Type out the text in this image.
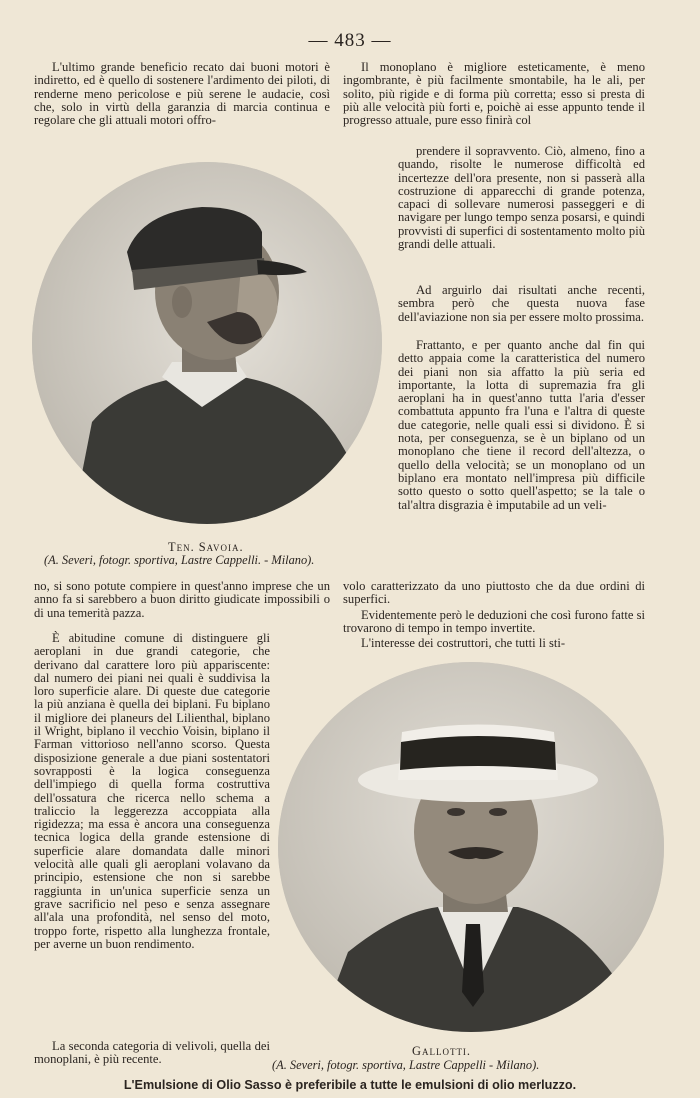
— 483 —
L'ultimo grande beneficio recato dai buoni motori è indiretto, ed è quello di sostenere l'ardimento dei piloti, di renderne meno pericolose e più serene le audacie, così che, solo in virtù della garanzia di marcia continua e regolare che gli attuali motori offro-
Il monoplano è migliore esteticamente, è meno ingombrante, è più facilmente smontabile, ha le ali, per solito, più rigide e di forma più corretta; esso si presta di più alle velocità più forti e, poichè ai esse appunto tende il progresso attuale, pure esso finirà col
prendere il sopravvento. Ciò, almeno, fino a quando, risolte le numerose difficoltà ed incertezze dell'ora presente, non si passerà alla costruzione di apparecchi di grande potenza, capaci di sollevare numerosi passeggeri e di navigare per lungo tempo senza posarsi, e quindi provvisti di superfici di sostentamento molto più grandi delle attuali.
Ad arguirlo dai risultati anche recenti, sembra però che questa nuova fase dell'aviazione non sia per essere molto prossima.
Frattanto, e per quanto anche dal fin qui detto appaia come la caratteristica del numero dei piani non sia affatto la più seria ed importante, la lotta di supremazia fra gli aeroplani ha in quest'anno tutta l'aria d'esser combattuta appunto fra l'una e l'altra di queste due categorie, nelle quali essi si dividono. È si nota, per conseguenza, se è un biplano od un monoplano che tiene il record dell'altezza, o quello della velocità; se un monoplano od un biplano era montato nell'impresa più difficile sotto questo o sotto quell'aspetto; se la tale o tal'altra disgrazia è imputabile ad un veli-
Ten. Savoia.
(A. Severi, fotogr. sportiva, Lastre Cappelli. - Milano).
no, si sono potute compiere in quest'anno imprese che un anno fa si sarebbero a buon diritto giudicate impossibili o di una temerità pazza.
volo caratterizzato da uno piuttosto che da due ordini di superfici.
Evidentemente però le deduzioni che così furono fatte si trovarono di tempo in tempo invertite.
L'interesse dei costruttori, che tutti li sti-
È abitudine comune di distinguere gli aeroplani in due grandi categorie, che derivano dal carattere loro più appariscente: dal numero dei piani nei quali è suddivisa la loro superficie alare. Di queste due categorie la più anziana è quella dei biplani. Fu biplano il migliore dei planeurs del Lilienthal, biplano il Wright, biplano il vecchio Voisin, biplano il Farman vittorioso nell'anno scorso. Questa disposizione generale a due piani sostentatori sovrapposti è la logica conseguenza dell'impiego di quella forma costruttiva dell'ossatura che ricerca nello schema a traliccio la leggerezza accoppiata alla rigidezza; ma essa è ancora una conseguenza tecnica logica della grande estensione di superficie alare domandata dalle minori velocità alle quali gli aeroplani volavano da principio, estensione che non si sarebbe raggiunta in un'unica superficie senza un grave sacrificio nel peso e senza assegnare all'ala una profondità, nel senso del moto, troppo forte, rispetto alla lunghezza frontale, per averne un buon rendimento.
La seconda categoria di velivoli, quella dei monoplani, è più recente.
Gallotti.
(A. Severi, fotogr. sportiva, Lastre Cappelli - Milano).
L'Emulsione di Olio Sasso è preferibile a tutte le emulsioni di olio merluzzo.
